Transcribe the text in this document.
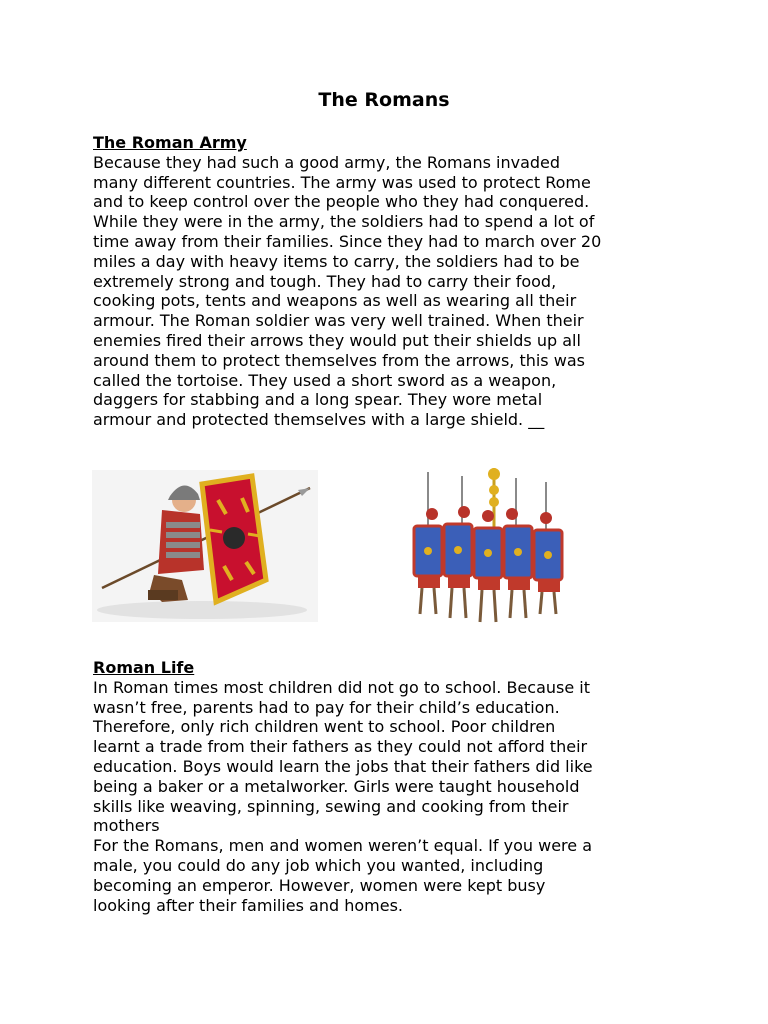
The Romans
The Roman Army
Because they had such a good army, the Romans invaded
many different countries. The army was used to protect Rome
and to keep control over the people who they had conquered.
While they were in the army, the soldiers had to spend a lot of
time away from their families. Since they had to march over 20
miles a day with heavy items to carry, the soldiers had to be
extremely strong and tough. They had to carry their food,
cooking pots, tents and weapons as well as wearing all their
armour. The Roman soldier was very well trained. When their
enemies fired their arrows they would put their shields up all
around them to protect themselves from the arrows, this was
called the tortoise. They used a short sword as a weapon,
daggers for stabbing and a long spear. They wore metal
armour and protected themselves with a large shield. __
Roman Life
In Roman times most children did not go to school. Because it
wasn’t free, parents had to pay for their child’s education.
Therefore, only rich children went to school. Poor children
learnt a trade from their fathers as they could not afford their
education. Boys would learn the jobs that their fathers did like
being a baker or a metalworker. Girls were taught household
skills like weaving, spinning, sewing and cooking from their
mothers
For the Romans, men and women weren’t equal. If you were a
male, you could do any job which you wanted, including
becoming an emperor. However, women were kept busy
looking after their families and homes.
